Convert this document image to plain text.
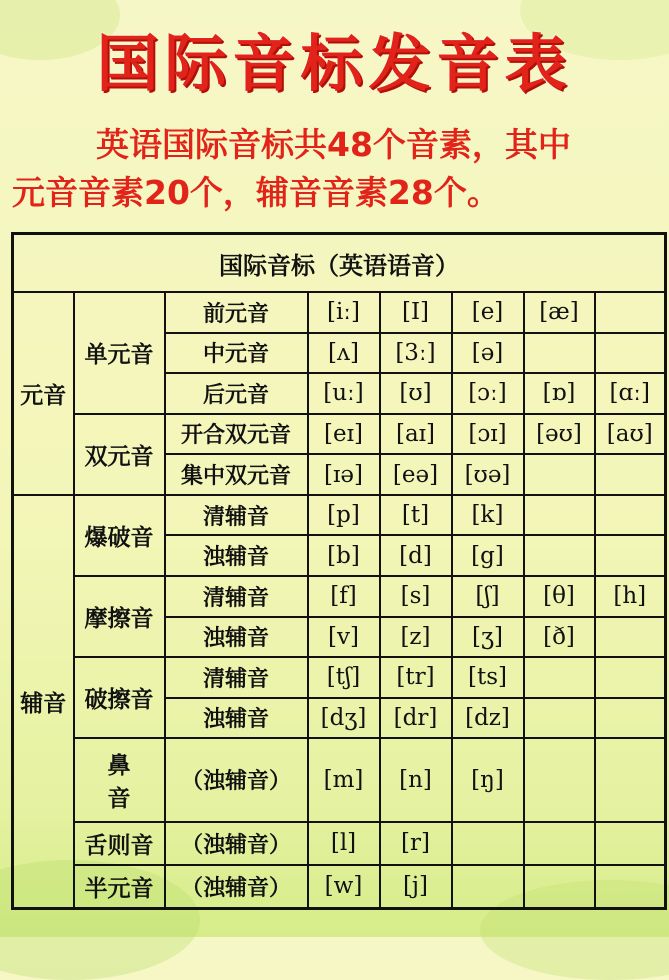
国际音标发音表
英语国际音标共48个音素，其中
元音音素20个，辅音音素28个。
国际音标（英语语音）							
元音	单元音	前元音	[iː]	[I]	[e]	[æ]	
		中元音	[ʌ]	[3ː]	[ə]		
		后元音	[uː]	[ʊ]	[ɔː]	[ɒ]	[ɑː]
	双元音	开合双元音	[eɪ]	[aɪ]	[ɔɪ]	[əʊ]	[aʊ]
		集中双元音	[ɪə]	[eə]	[ʊə]		
辅音	爆破音	清辅音	[p]	[t]	[k]		
		浊辅音	[b]	[d]	[g]		
	摩擦音	清辅音	[f]	[s]	[ʃ]	[θ]	[h]
		浊辅音	[v]	[z]	[ʒ]	[ð]	
	破擦音	清辅音	[tʃ]	[tr]	[ts]		
		浊辅音	[dʒ]	[dr]	[dz]		
	鼻音	（浊辅音）	[m]	[n]	[ŋ]		
	舌则音	（浊辅音）	[l]	[r]			
	半元音	（浊辅音）	[w]	[j]			
